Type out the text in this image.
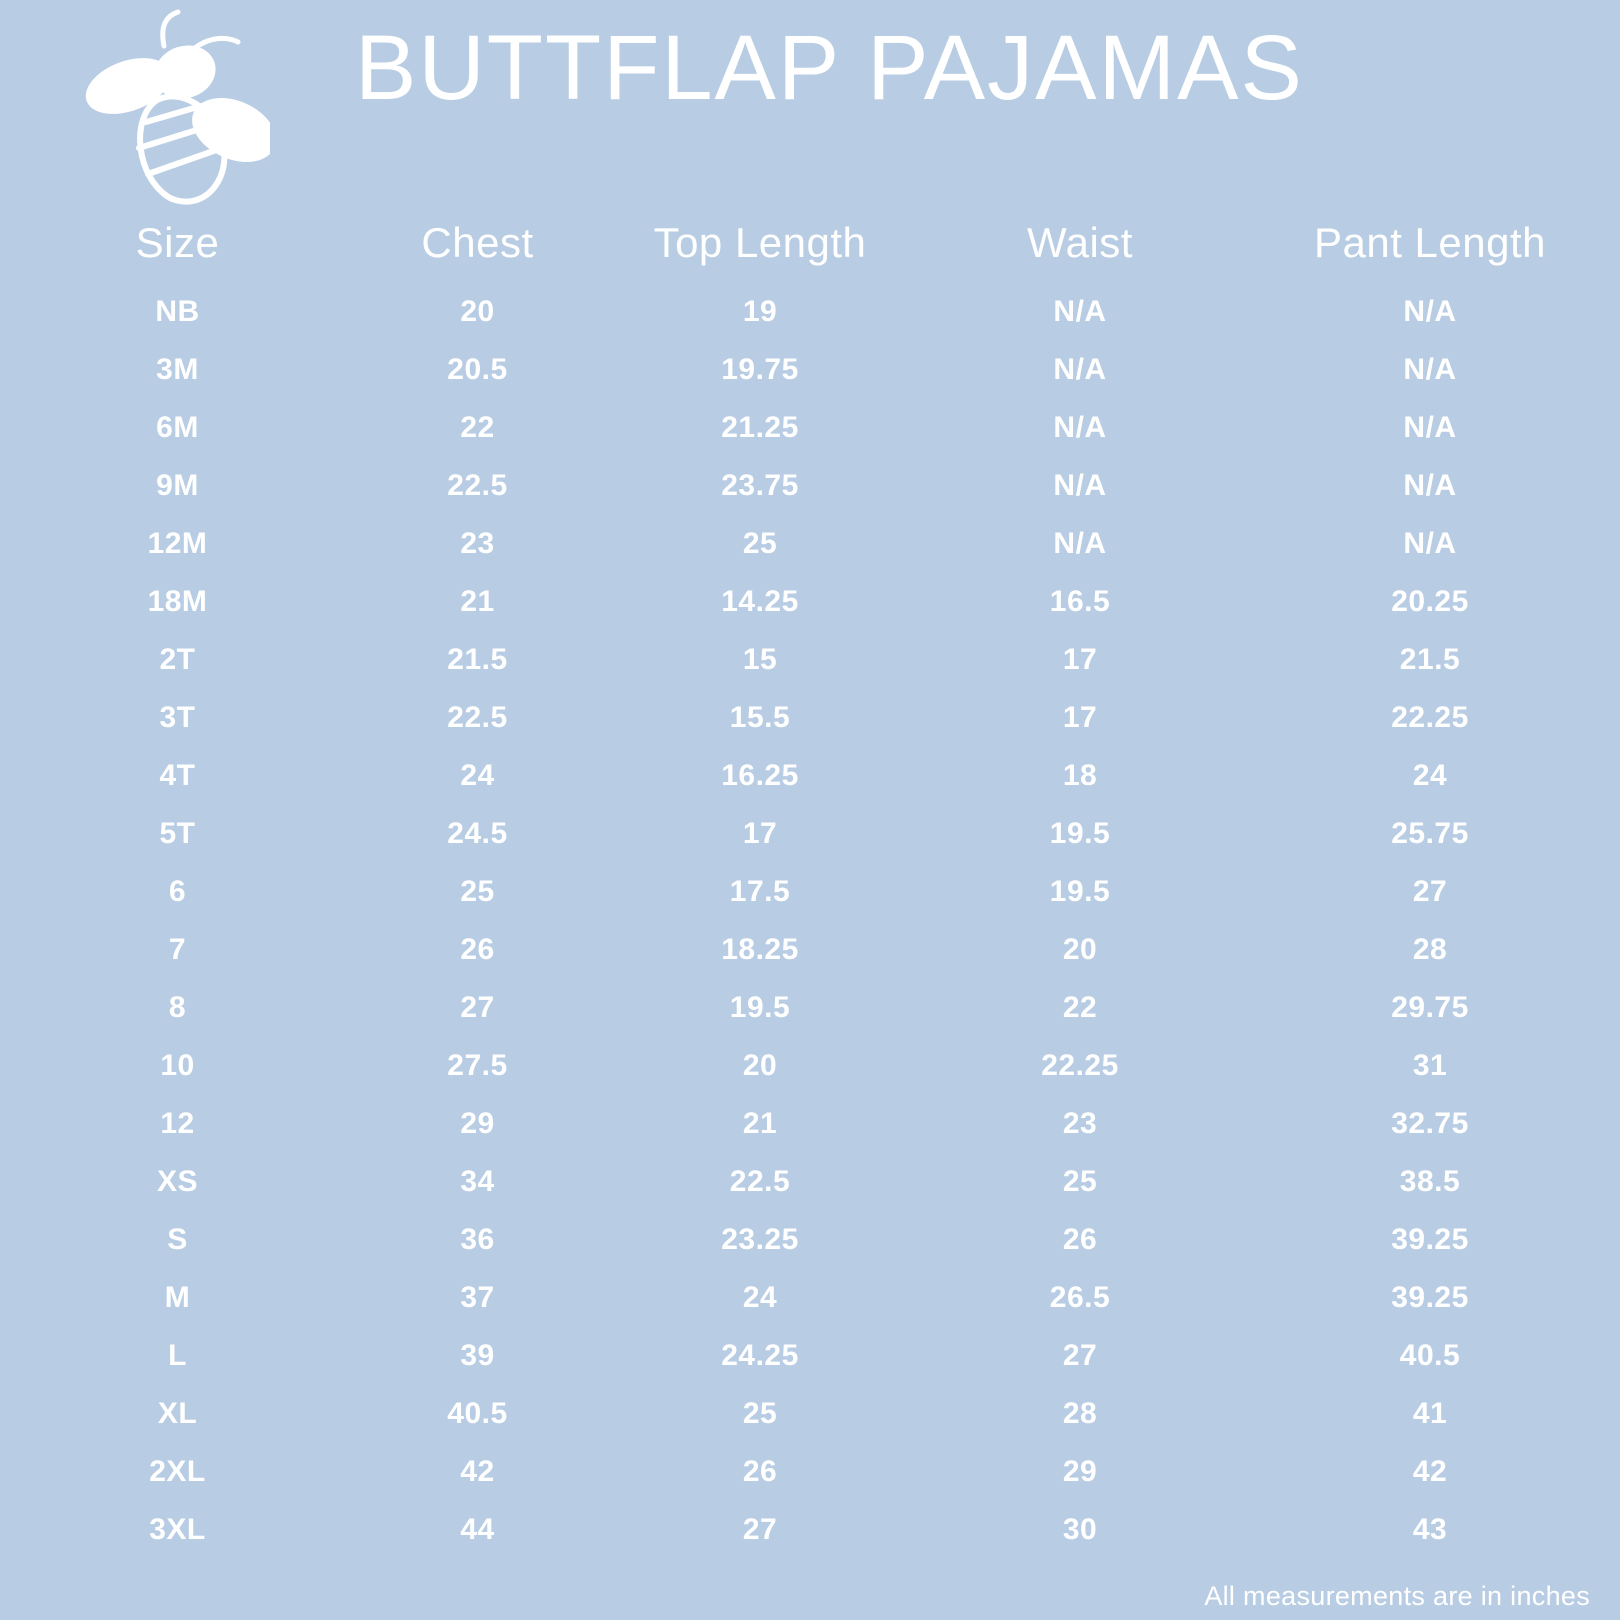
BUTTFLAP PAJAMAS
Size	Chest	Top Length	Waist	Pant Length
NB	20	19	N/A	N/A
3M	20.5	19.75	N/A	N/A
6M	22	21.25	N/A	N/A
9M	22.5	23.75	N/A	N/A
12M	23	25	N/A	N/A
18M	21	14.25	16.5	20.25
2T	21.5	15	17	21.5
3T	22.5	15.5	17	22.25
4T	24	16.25	18	24
5T	24.5	17	19.5	25.75
6	25	17.5	19.5	27
7	26	18.25	20	28
8	27	19.5	22	29.75
10	27.5	20	22.25	31
12	29	21	23	32.75
XS	34	22.5	25	38.5
S	36	23.25	26	39.25
M	37	24	26.5	39.25
L	39	24.25	27	40.5
XL	40.5	25	28	41
2XL	42	26	29	42
3XL	44	27	30	43
All measurements are in inches
